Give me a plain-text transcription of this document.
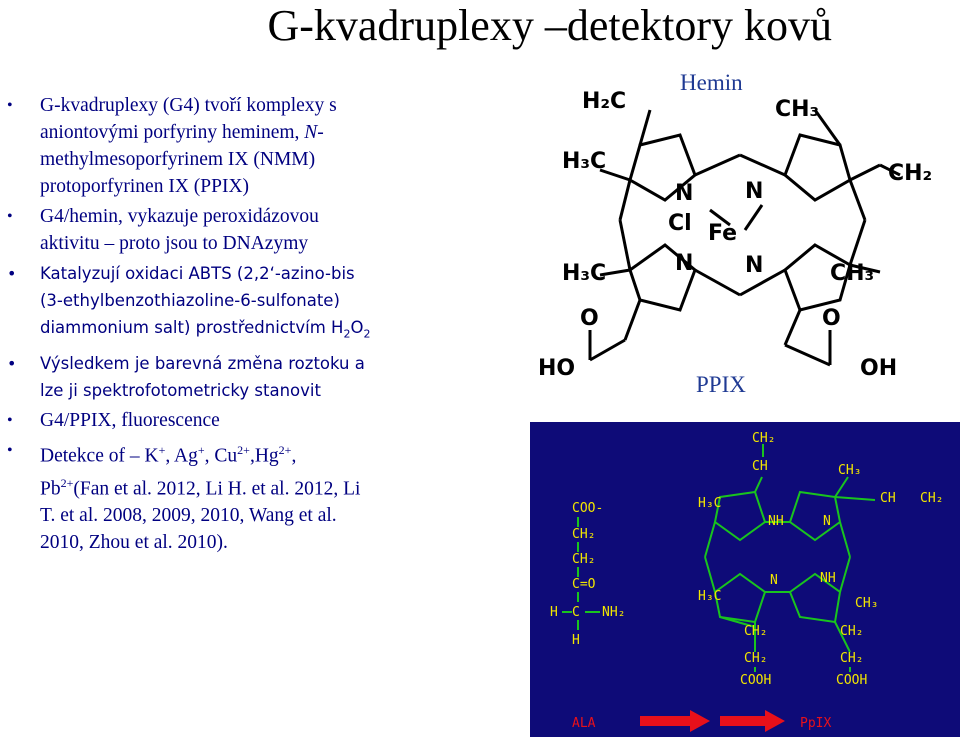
G-kvadruplexy –detektory kovů
• G-kvadruplexy (G4) tvoří komplexy s
aniontovými porfyriny heminem, N-
methylmesoporfyrinem IX (NMM)
protoporfyrinen IX (PPIX)
• G4/hemin, vykazuje peroxidázovou
aktivitu – proto jsou to DNAzymy
• Katalyzují oxidaci ABTS (2,2‘-azino-bis
(3-ethylbenzothiazoline-6-sulfonate)
diammonium salt) prostřednictvím $H_2O_2$
• Výsledkem je barevná změna roztoku a
lze ji spektrofotometricky stanovit
• G4/PPIX, fluorescence
• Detekce of – K+, Ag+, $Cu^{2+},Hg^{2+}$,
$Pb^{2+}(Fan$ et al. 2012, Li H. et al. 2012, Li
T. et al. 2008, 2009, 2010, Wang et al.
2010, Zhou et al. 2010).
Hemin
H₂C	CH₃
H₃C	CH₂
N N
Cl Fe
N N
H₃C	CH₃
O	O
HO	OH
PPIX
CH₂
CH	CH₃
H₃C	CH CH₂
NH	N
N	NH
H₃C	CH₃
CH₂	CH₂
CH₂	CH₂
COOH	COOH
COO-
CH₂
CH₂
C=O
H C NH₂
H
ALA	PpIX
